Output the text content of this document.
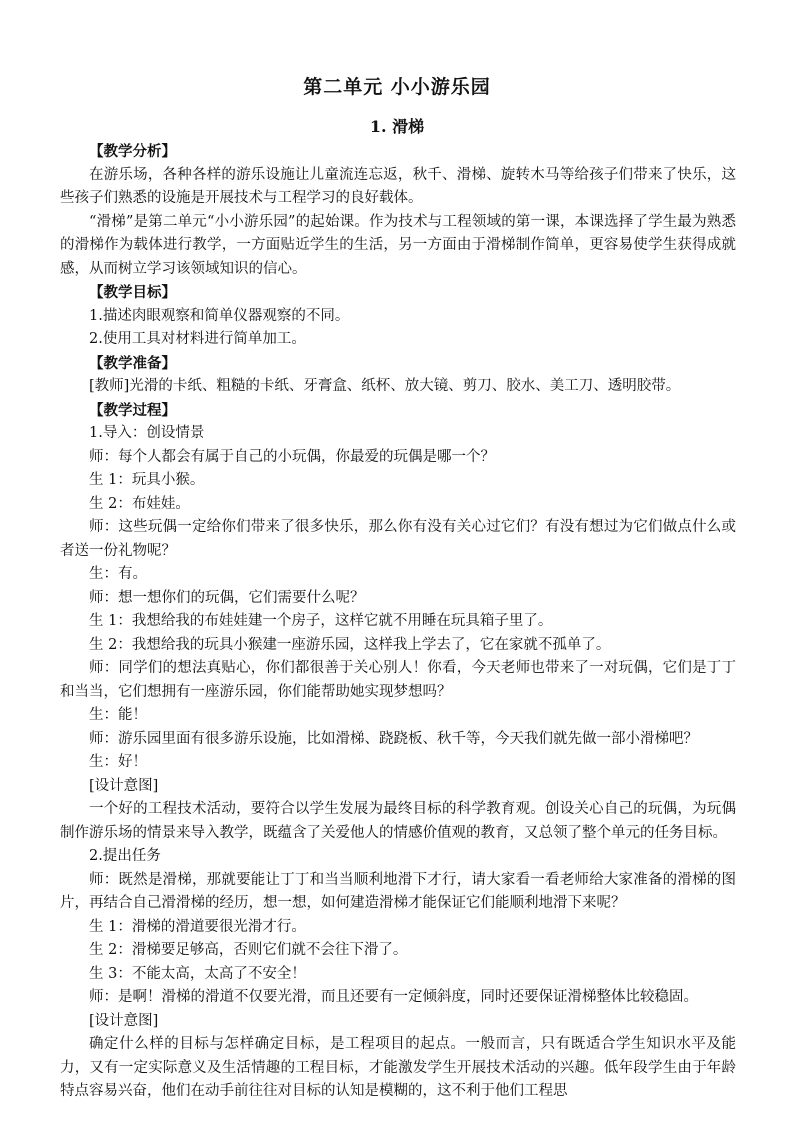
第二单元 小小游乐园
1. 滑梯

【教学分析】

在游乐场，各种各样的游乐设施让儿童流连忘返，秋千、滑梯、旋转木马等给孩子们带来了快乐，这些孩子们熟悉的设施是开展技术与工程学习的良好载体。

“滑梯”是第二单元“小小游乐园”的起始课。作为技术与工程领域的第一课，本课选择了学生最为熟悉的滑梯作为载体进行教学，一方面贴近学生的生活，另一方面由于滑梯制作简单，更容易使学生获得成就感，从而树立学习该领域知识的信心。

【教学目标】

1.描述肉眼观察和简单仪器观察的不同。

2.使用工具对材料进行简单加工。

【教学准备】

[教师]光滑的卡纸、粗糙的卡纸、牙膏盒、纸杯、放大镜、剪刀、胶水、美工刀、透明胶带。

【教学过程】

1.导入：创设情景

师：每个人都会有属于自己的小玩偶，你最爱的玩偶是哪一个？

生 1：玩具小猴。

生 2：布娃娃。

师：这些玩偶一定给你们带来了很多快乐，那么你有没有关心过它们？有没有想过为它们做点什么或者送一份礼物呢？

生：有。

师：想一想你们的玩偶，它们需要什么呢？

生 1：我想给我的布娃娃建一个房子，这样它就不用睡在玩具箱子里了。

生 2：我想给我的玩具小猴建一座游乐园，这样我上学去了，它在家就不孤单了。

师：同学们的想法真贴心，你们都很善于关心别人！你看，今天老师也带来了一对玩偶，它们是丁丁和当当，它们想拥有一座游乐园，你们能帮助她实现梦想吗？

生：能！

师：游乐园里面有很多游乐设施，比如滑梯、跷跷板、秋千等，今天我们就先做一部小滑梯吧？

生：好！

[设计意图]

一个好的工程技术活动，要符合以学生发展为最终目标的科学教育观。创设关心自己的玩偶，为玩偶制作游乐场的情景来导入教学，既蕴含了关爱他人的情感价值观的教育，又总领了整个单元的任务目标。

2.提出任务

师：既然是滑梯，那就要能让丁丁和当当顺利地滑下才行，请大家看一看老师给大家准备的滑梯的图片，再结合自己滑滑梯的经历，想一想，如何建造滑梯才能保证它们能顺利地滑下来呢？

生 1：滑梯的滑道要很光滑才行。

生 2：滑梯要足够高，否则它们就不会往下滑了。

生 3：不能太高，太高了不安全！

师：是啊！滑梯的滑道不仅要光滑，而且还要有一定倾斜度，同时还要保证滑梯整体比较稳固。

[设计意图]

确定什么样的目标与怎样确定目标，是工程项目的起点。一般而言，只有既适合学生知识水平及能力，又有一定实际意义及生活情趣的工程目标，才能激发学生开展技术活动的兴趣。低年段学生由于年龄特点容易兴奋，他们在动手前往往对目标的认知是模糊的，这不利于他们工程思
